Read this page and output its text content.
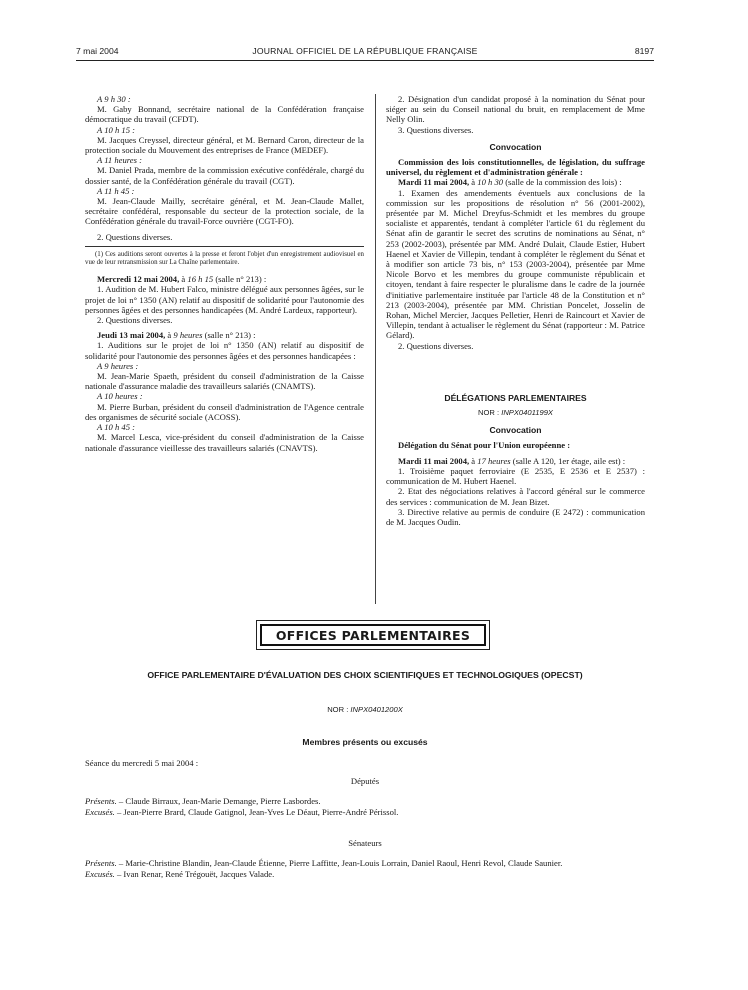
7 mai 2004	JOURNAL OFFICIEL DE LA RÉPUBLIQUE FRANÇAISE	8197

A 9 h 30 :

M. Gaby Bonnand, secrétaire national de la Confédération française démocratique du travail (CFDT).

A 10 h 15 :

M. Jacques Creyssel, directeur général, et M. Bernard Caron, directeur de la protection sociale du Mouvement des entreprises de France (MEDEF).

A 11 heures :

M. Daniel Prada, membre de la commission exécutive confédérale, chargé du dossier santé, de la Confédération générale du travail (CGT).

A 11 h 45 :

M. Jean-Claude Mailly, secrétaire général, et M. Jean-Claude Mallet, secrétaire confédéral, responsable du secteur de la protection sociale, de la Confédération générale du travail-Force ouvrière (CGT-FO).

2. Questions diverses.

(1) Ces auditions seront ouvertes à la presse et feront l'objet d'un enregistrement audiovisuel en vue de leur retransmission sur La Chaîne parlementaire.

Mercredi 12 mai 2004, à 16 h 15 (salle n° 213) :

1. Audition de M. Hubert Falco, ministre délégué aux personnes âgées, sur le projet de loi n° 1350 (AN) relatif au dispositif de solidarité pour l'autonomie des personnes âgées et des personnes handicapées (M. André Lardeux, rapporteur).

2. Questions diverses.

Jeudi 13 mai 2004, à 9 heures (salle n° 213) :

1. Auditions sur le projet de loi n° 1350 (AN) relatif au dispositif de solidarité pour l'autonomie des personnes âgées et des personnes handicapées :

A 9 heures :

M. Jean-Marie Spaeth, président du conseil d'administration de la Caisse nationale d'assurance maladie des travailleurs salariés (CNAMTS).

A 10 heures :

M. Pierre Burban, président du conseil d'administration de l'Agence centrale des organismes de sécurité sociale (ACOSS).

A 10 h 45 :

M. Marcel Lesca, vice-président du conseil d'administration de la Caisse nationale d'assurance vieillesse des travailleurs salariés (CNAVTS).

2. Désignation d'un candidat proposé à la nomination du Sénat pour siéger au sein du Conseil national du bruit, en remplacement de Mme Nelly Olin.

3. Questions diverses.

Convocation

Commission des lois constitutionnelles, de législation, du suffrage universel, du règlement et d'administration générale :

Mardi 11 mai 2004, à 10 h 30 (salle de la commission des lois) :

1. Examen des amendements éventuels aux conclusions de la commission sur les propositions de résolution n° 56 (2001-2002), présentée par M. Michel Dreyfus-Schmidt et les membres du groupe socialiste et apparentés, tendant à compléter l'article 61 du règlement du Sénat afin de garantir le secret des scrutins de nominations au Sénat, n° 253 (2002-2003), présentée par MM. André Dulait, Claude Estier, Hubert Haenel et Xavier de Villepin, tendant à compléter le règlement du Sénat et à modifier son article 73 bis, n° 153 (2003-2004), présentée par Mme Nicole Borvo et les membres du groupe communiste républicain et citoyen, tendant à faire respecter le pluralisme dans le cadre de la journée d'initiative parlementaire instituée par l'article 48 de la Constitution et n° 213 (2003-2004), présentée par MM. Christian Poncelet, Josselin de Rohan, Michel Mercier, Jacques Pelletier, Henri de Raincourt et Xavier de Villepin, tendant à actualiser le règlement du Sénat (rapporteur : M. Patrice Gélard).

2. Questions diverses.

DÉLÉGATIONS PARLEMENTAIRES

NOR : INPX0401199X

Convocation

Délégation du Sénat pour l'Union européenne :

Mardi 11 mai 2004, à 17 heures (salle A 120, 1er étage, aile est) :

1. Troisième paquet ferroviaire (E 2535, E 2536 et E 2537) : communication de M. Hubert Haenel.

2. Etat des négociations relatives à l'accord général sur le commerce des services : communication de M. Jean Bizet.

3. Directive relative au permis de conduire (E 2472) : communication de M. Jacques Oudin.

OFFICES PARLEMENTAIRES
OFFICE PARLEMENTAIRE D'ÉVALUATION DES CHOIX SCIENTIFIQUES ET TECHNOLOGIQUES (OPECST)
NOR : INPX0401200X
Membres présents ou excusés
Séance du mercredi 5 mai 2004 :
Députés

Présents. – Claude Birraux, Jean-Marie Demange, Pierre Lasbordes.

Excusés. – Jean-Pierre Brard, Claude Gatignol, Jean-Yves Le Déaut, Pierre-André Périssol.

Sénateurs

Présents. – Marie-Christine Blandin, Jean-Claude Étienne, Pierre Laffitte, Jean-Louis Lorrain, Daniel Raoul, Henri Revol, Claude Saunier.

Excusés. – Ivan Renar, René Trégouët, Jacques Valade.
